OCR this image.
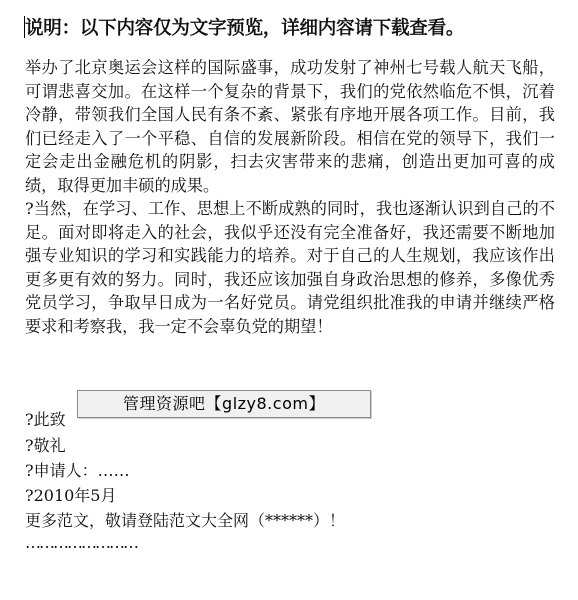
说明：以下内容仅为文字预览，详细内容请下载查看。

举办了北京奥运会这样的国际盛事，成功发射了神州七号载人航天飞船，可谓悲喜交加。在这样一个复杂的背景下，我们的党依然临危不惧，沉着冷静，带领我们全国人民有条不紊、紧张有序地开展各项工作。目前，我们已经走入了一个平稳、自信的发展新阶段。相信在党的领导下，我们一定会走出金融危机的阴影，扫去灾害带来的悲痛，创造出更加可喜的成绩，取得更加丰硕的成果。

?当然，在学习、工作、思想上不断成熟的同时，我也逐渐认识到自己的不足。面对即将走入的社会，我似乎还没有完全准备好，我还需要不断地加强专业知识的学习和实践能力的培养。对于自己的人生规划，我应该作出更多更有效的努力。同时，我还应该加强自身政治思想的修养，多像优秀党员学习，争取早日成为一名好党员。请党组织批准我的申请并继续严格要求和考察我，我一定不会辜负党的期望！

?此致
?敬礼
?申请人：……
?2010年5月
更多范文，敬请登陆范文大全网（******）！
……………………
管理资源吧【glzy8.com】
